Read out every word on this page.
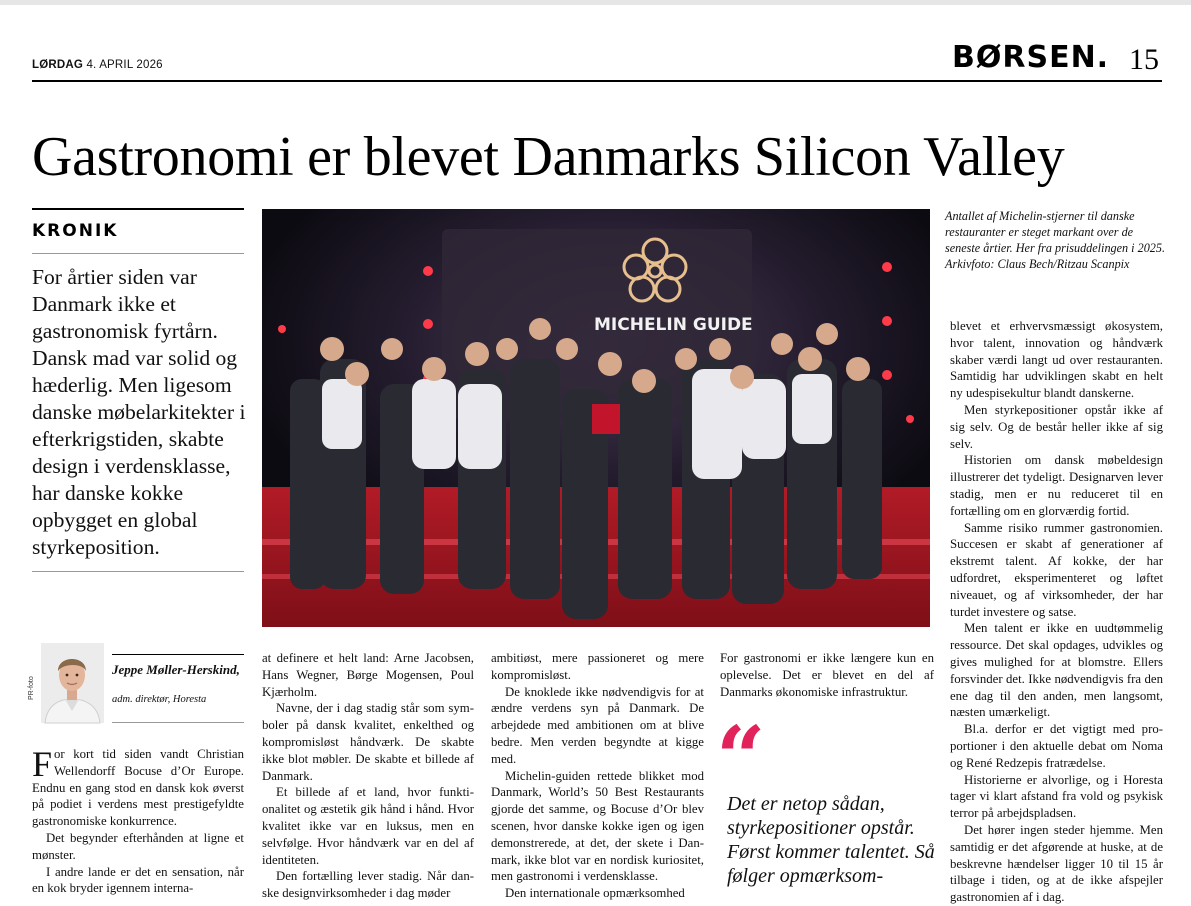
LØRDAG 4. APRIL 2026	BØRSEN. 15
Gastronomi er blevet Danmarks Silicon Valley
KRONIK

For årtier siden var Danmark ikke et gastronomisk fyrtårn. Dansk mad var solid og hæderlig. Men ligesom danske møbelarkitekter i efterkrigstiden, skabte design i verdensklasse, har danske kokke opbygget en global styrkeposition.

PR-foto
Jeppe Møller-Herskind,
adm. direktør, Horesta
MICHELIN GUIDE

Antallet af Michelin-stjerner til danske restauranter er steget markant over de seneste årtier. Her fra prisuddelingen i 2025. Arkivfoto: Claus Bech/Ritzau Scanpix

For kort tid siden vandt Christian Wellendorff Bocuse d’Or Europe. Endnu en gang stod en dansk kok øverst på podiet i verdens mest prestigefyldte gastronomiske konkurrence.

Det begynder efterhånden at ligne et mønster.

I andre lande er det en sensation, når en kok bryder igennem interna-

at definere et helt land: Arne Jacobsen, Hans Wegner, Børge Mogensen, Poul Kjærholm.

Navne, der i dag stadig står som symboler på dansk kvalitet, enkelthed og kompromisløst håndværk. De skabte ikke blot møbler. De skabte et billede af Danmark.

Et billede af et land, hvor funktionalitet og æstetik gik hånd i hånd. Hvor kvalitet ikke var en luksus, men en selvfølge. Hvor håndværk var en del af identiteten.

Den fortælling lever stadig. Når danske designvirksomheder i dag møder

ambitiøst, mere passioneret og mere kompromisløst.

De knoklede ikke nødvendigvis for at ændre verdens syn på Danmark. De arbejdede med ambitionen om at blive bedre. Men verden begyndte at kigge med.

Michelin-guiden rettede blikket mod Danmark, World’s 50 Best Restaurants gjorde det samme, og Bocuse d’Or blev scenen, hvor danske kokke igen og igen demonstrerede, at det, der skete i Danmark, ikke blot var en nordisk kuriositet, men gastronomi i verdensklasse.

Den internationale opmærksomhed

For gastronomi er ikke længere kun en oplevelse. Det er blevet en del af Danmarks økonomiske infrastruktur.

“
Det er netop sådan, styrkepositioner opstår. Først kommer talentet. Så følger opmærksom-

blevet et erhvervsmæssigt økosystem, hvor talent, innovation og håndværk skaber værdi langt ud over restauranten. Samtidig har udviklingen skabt en helt ny udespisekultur blandt danskerne.

Men styrkepositioner opstår ikke af sig selv. Og de består heller ikke af sig selv.

Historien om dansk møbeldesign illustrerer det tydeligt. Designarven lever stadig, men er nu reduceret til en fortælling om en glorværdig fortid.

Samme risiko rummer gastronomien. Succesen er skabt af generationer af ekstremt talent. Af kokke, der har udfordret, eksperimenteret og løftet niveauet, og af virksomheder, der har turdet investere og satse.

Men talent er ikke en uudtømmelig ressource. Det skal opdages, udvikles og gives mulighed for at blomstre. Ellers forsvinder det. Ikke nødvendigvis fra den ene dag til den anden, men langsomt, næsten umærkeligt.

Bl.a. derfor er det vigtigt med proportioner i den aktuelle debat om Noma og René Redzepis fratrædelse.

Historierne er alvorlige, og i Horesta tager vi klart afstand fra vold og psykisk terror på arbejdspladsen.

Det hører ingen steder hjemme. Men samtidig er det afgørende at huske, at de beskrevne hændelser ligger 10 til 15 år tilbage i tiden, og at de ikke afspejler gastronomien af i dag.
